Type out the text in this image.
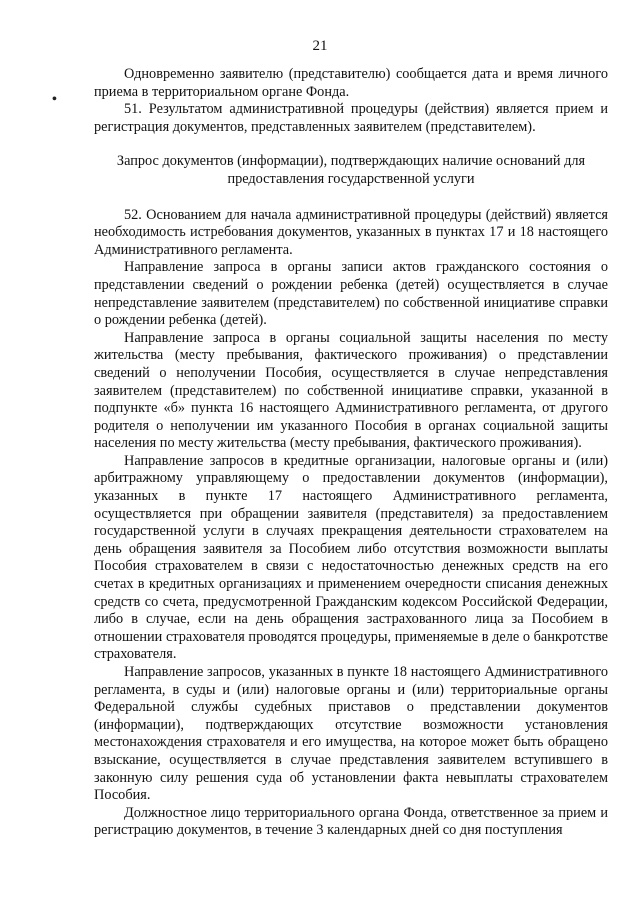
21
•

Одновременно заявителю (представителю) сообщается дата и время личного приема в территориальном органе Фонда.

51. Результатом административной процедуры (действия) является прием и регистрация документов, представленных заявителем (представителем).

Запрос документов (информации), подтверждающих наличие оснований для предоставления государственной услуги

52. Основанием для начала административной процедуры (действий) является необходимость истребования документов, указанных в пунктах 17 и 18 настоящего Административного регламента.

Направление запроса в органы записи актов гражданского состояния о представлении сведений о рождении ребенка (детей) осуществляется в случае непредставление заявителем (представителем) по собственной инициативе справки о рождении ребенка (детей).

Направление запроса в органы социальной защиты населения по месту жительства (месту пребывания, фактического проживания) о представлении сведений о неполучении Пособия, осуществляется в случае непредставления заявителем (представителем) по собственной инициативе справки, указанной в подпункте «б» пункта 16 настоящего Административного регламента, от другого родителя о неполучении им указанного Пособия в органах социальной защиты населения по месту жительства (месту пребывания, фактического проживания).

Направление запросов в кредитные организации, налоговые органы и (или) арбитражному управляющему о предоставлении документов (информации), указанных в пункте 17 настоящего Административного регламента, осуществляется при обращении заявителя (представителя) за предоставлением государственной услуги в случаях прекращения деятельности страхователем на день обращения заявителя за Пособием либо отсутствия возможности выплаты Пособия страхователем в связи с недостаточностью денежных средств на его счетах в кредитных организациях и применением очередности списания денежных средств со счета, предусмотренной Гражданским кодексом Российской Федерации, либо в случае, если на день обращения застрахованного лица за Пособием в отношении страхователя проводятся процедуры, применяемые в деле о банкротстве страхователя.

Направление запросов, указанных в пункте 18 настоящего Административного регламента, в суды и (или) налоговые органы и (или) территориальные органы Федеральной службы судебных приставов о представлении документов (информации), подтверждающих отсутствие возможности установления местонахождения страхователя и его имущества, на которое может быть обращено взыскание, осуществляется в случае представления заявителем вступившего в законную силу решения суда об установлении факта невыплаты страхователем Пособия.

Должностное лицо территориального органа Фонда, ответственное за прием и регистрацию документов, в течение 3 календарных дней со дня поступления
